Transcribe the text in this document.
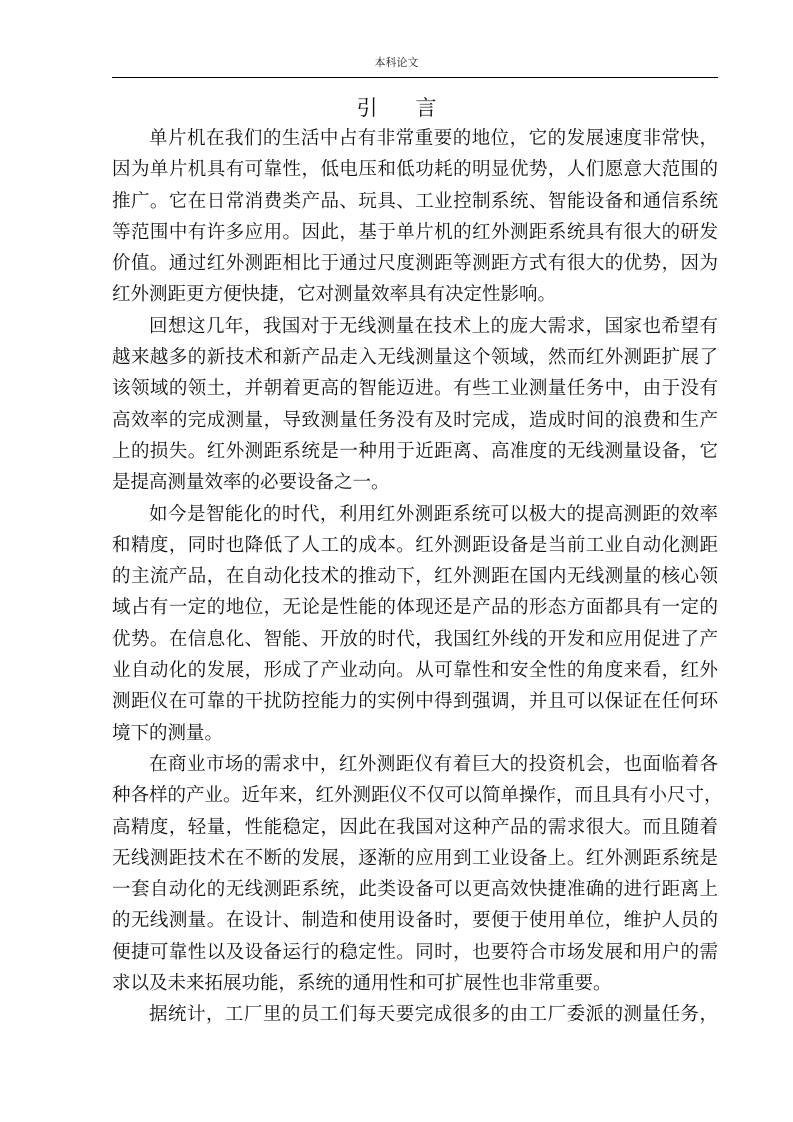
本科论文
引言

单片机在我们的生活中占有非常重要的地位，它的发展速度非常快，
因为单片机具有可靠性，低电压和低功耗的明显优势，人们愿意大范围的
推广。它在日常消费类产品、玩具、工业控制系统、智能设备和通信系统
等范围中有许多应用。因此，基于单片机的红外测距系统具有很大的研发
价值。通过红外测距相比于通过尺度测距等测距方式有很大的优势，因为
红外测距更方便快捷，它对测量效率具有决定性影响。

回想这几年，我国对于无线测量在技术上的庞大需求，国家也希望有
越来越多的新技术和新产品走入无线测量这个领域，然而红外测距扩展了
该领域的领土，并朝着更高的智能迈进。有些工业测量任务中，由于没有
高效率的完成测量，导致测量任务没有及时完成，造成时间的浪费和生产
上的损失。红外测距系统是一种用于近距离、高准度的无线测量设备，它
是提高测量效率的必要设备之一。

如今是智能化的时代，利用红外测距系统可以极大的提高测距的效率
和精度，同时也降低了人工的成本。红外测距设备是当前工业自动化测距
的主流产品，在自动化技术的推动下，红外测距在国内无线测量的核心领
域占有一定的地位，无论是性能的体现还是产品的形态方面都具有一定的
优势。在信息化、智能、开放的时代，我国红外线的开发和应用促进了产
业自动化的发展，形成了产业动向。从可靠性和安全性的角度来看，红外
测距仪在可靠的干扰防控能力的实例中得到强调，并且可以保证在任何环
境下的测量。

在商业市场的需求中，红外测距仪有着巨大的投资机会，也面临着各
种各样的产业。近年来，红外测距仪不仅可以简单操作，而且具有小尺寸，
高精度，轻量，性能稳定，因此在我国对这种产品的需求很大。而且随着
无线测距技术在不断的发展，逐渐的应用到工业设备上。红外测距系统是
一套自动化的无线测距系统，此类设备可以更高效快捷准确的进行距离上
的无线测量。在设计、制造和使用设备时，要便于使用单位，维护人员的
便捷可靠性以及设备运行的稳定性。同时，也要符合市场发展和用户的需
求以及未来拓展功能，系统的通用性和可扩展性也非常重要。

据统计，工厂里的员工们每天要完成很多的由工厂委派的测量任务，
